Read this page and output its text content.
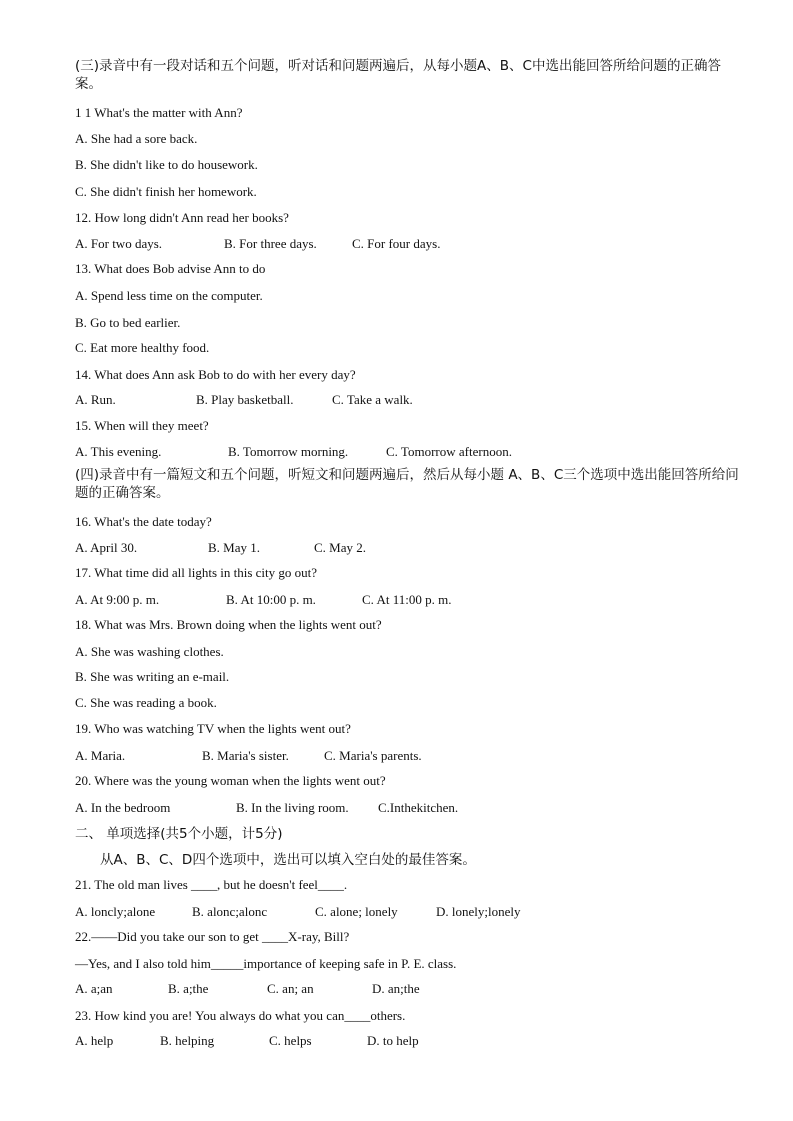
(三)录音中有一段对话和五个问题，听对话和问题两遍后，从每小题A、B、C中选出能回答所给问题的正确答案。
1 1 What's the matter with Ann?
A. She had a sore back.
B. She didn't like to do housework.
C. She didn't finish her homework.
12. How long didn't Ann read her books?
A. For two days.	B. For three days.	C. For four days.
13. What does Bob advise Ann to do
A. Spend less time on the computer.
B. Go to bed earlier.
C. Eat more healthy food.
14. What does Ann ask Bob to do with her every day?
A. Run.	B. Play basketball.	C. Take a walk.
15. When will they meet?
A. This evening.	B. Tomorrow morning.	C. Tomorrow afternoon.
(四)录音中有一篇短文和五个问题，听短文和问题两遍后，然后从每小题 A、B、C三个选项中选出能回答所给问题的正确答案。
16. What's the date today?
A. April 30.	B. May 1.	C. May 2.
17. What time did all lights in this city go out?
A. At 9:00 p. m.	B. At 10:00 p. m.	C. At 11:00 p. m.
18. What was Mrs. Brown doing when the lights went out?
A. She was washing clothes.
B. She was writing an e-mail.
C. She was reading a book.
19. Who was watching TV when the lights went out?
A. Maria.	B. Maria's sister.	C. Maria's parents.
20. Where was the young woman when the lights went out?
A. In the bedroom	B. In the living room. C.Inthekitchen.
二、 单项选择(共5个小题，计5分)
从A、B、C、D四个选项中，选出可以填入空白处的最佳答案。
21. The old man lives ____, but he doesn't feel____.
A. loncly;alone	B. alonc;alonc	C. alone; lonely	D. lonely;lonely
22.——Did you take our son to get ____X-ray, Bill?
—Yes, and I also told him_____importance of keeping safe in P. E. class.
A. a;an	B. a;the	C. an; an	D. an;the
23. How kind you are! You always do what you can____others.
A. help	B. helping	C. helps	D. to help
